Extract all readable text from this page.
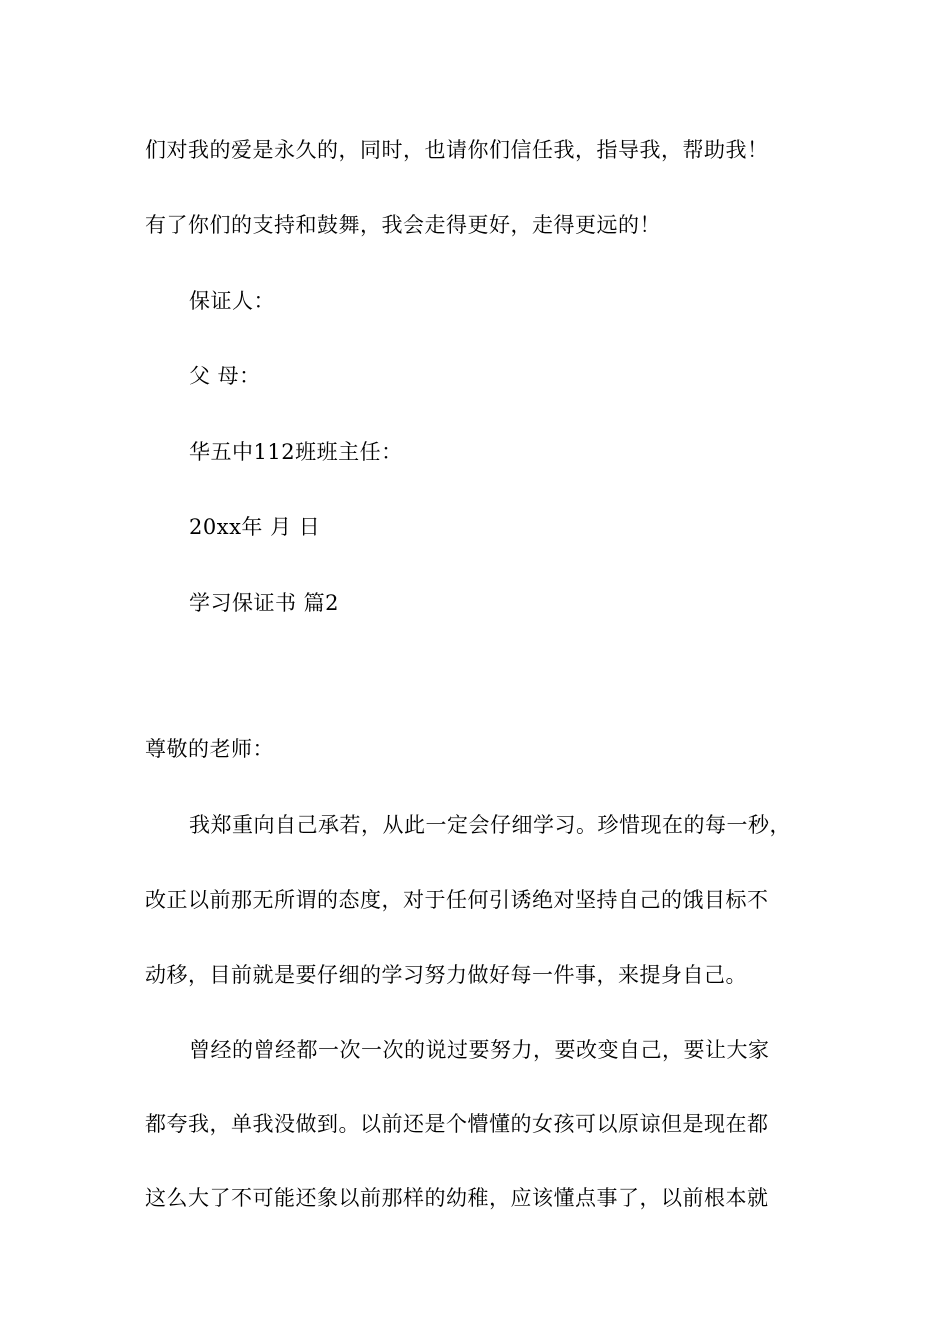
们对我的爱是永久的，同时，也请你们信任我，指导我，帮助我！
有了你们的支持和鼓舞，我会走得更好，走得更远的！
保证人：
父 母：
华五中112班班主任：
20xx年 月 日
学习保证书 篇2
尊敬的老师：
我郑重向自己承若，从此一定会仔细学习。珍惜现在的每一秒，
改正以前那无所谓的态度，对于任何引诱绝对坚持自己的饿目标不
动移，目前就是要仔细的学习努力做好每一件事，来提身自己。
曾经的曾经都一次一次的说过要努力，要改变自己，要让大家
都夸我，单我没做到。以前还是个懵懂的女孩可以原谅但是现在都
这么大了不可能还象以前那样的幼稚，应该懂点事了，以前根本就
